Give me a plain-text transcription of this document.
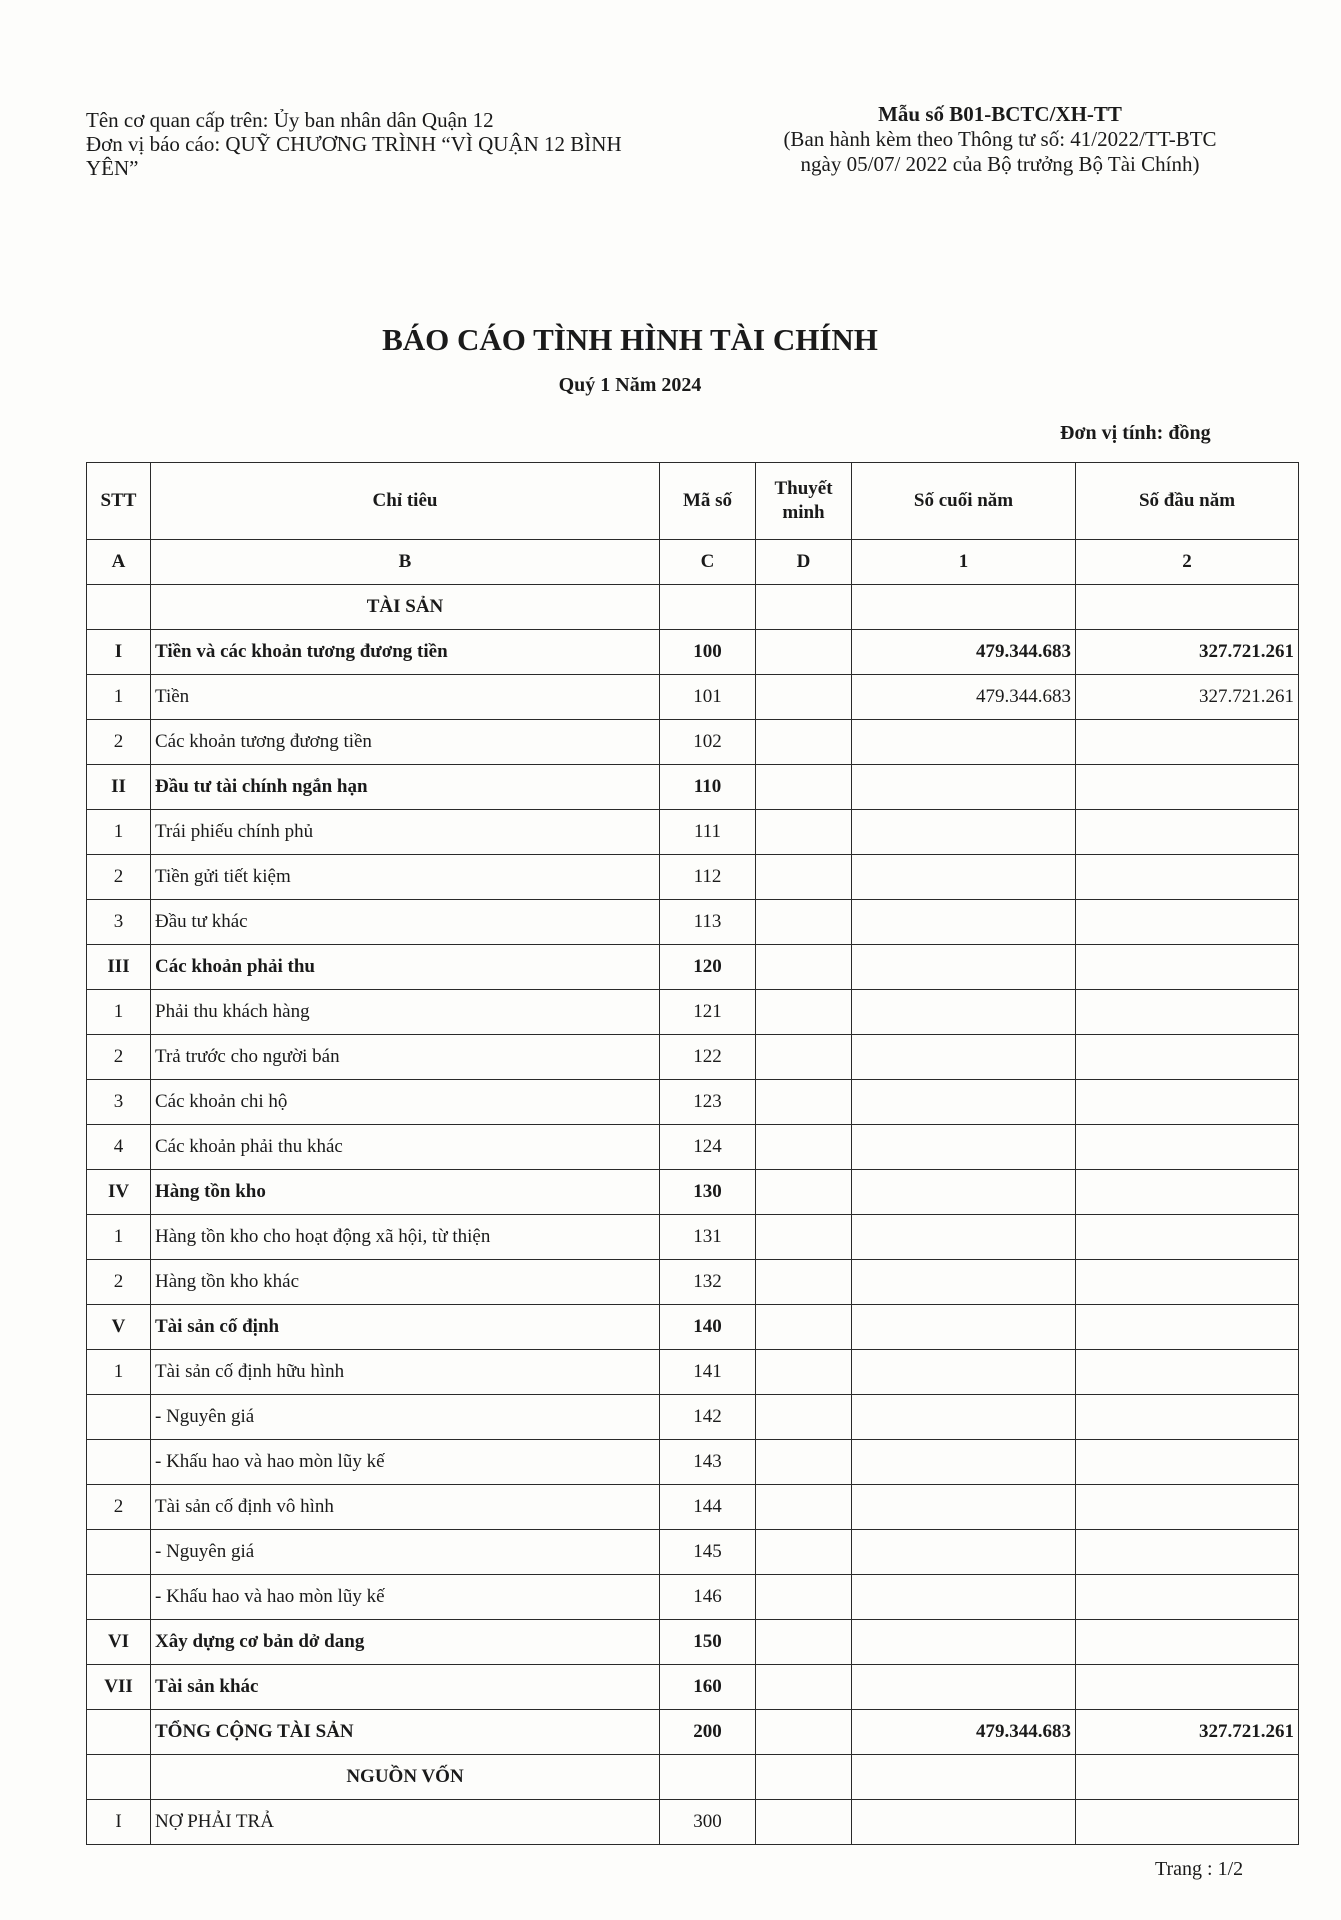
Tên cơ quan cấp trên: Ủy ban nhân dân Quận 12
Đơn vị báo cáo: QUỸ CHƯƠNG TRÌNH “VÌ QUẬN 12 BÌNH
YÊN”
Mẫu số B01-BCTC/XH-TT
(Ban hành kèm theo Thông tư số: 41/2022/TT-BTC
ngày 05/07/ 2022 của Bộ trưởng Bộ Tài Chính)
BÁO CÁO TÌNH HÌNH TÀI CHÍNH
Quý 1 Năm 2024
Đơn vị tính: đồng
STT	Chỉ tiêu	Mã số	Thuyết minh	Số cuối năm	Số đầu năm
A	B	C	D	1	2
	TÀI SẢN				
I	Tiền và các khoản tương đương tiền	100		479.344.683	327.721.261
1	Tiền	101		479.344.683	327.721.261
2	Các khoản tương đương tiền	102			
II	Đầu tư tài chính ngắn hạn	110			
1	Trái phiếu chính phủ	111			
2	Tiền gửi tiết kiệm	112			
3	Đầu tư khác	113			
III	Các khoản phải thu	120			
1	Phải thu khách hàng	121			
2	Trả trước cho người bán	122			
3	Các khoản chi hộ	123			
4	Các khoản phải thu khác	124			
IV	Hàng tồn kho	130			
1	Hàng tồn kho cho hoạt động xã hội, từ thiện	131			
2	Hàng tồn kho khác	132			
V	Tài sản cố định	140			
1	Tài sản cố định hữu hình	141			
	- Nguyên giá	142			
	- Khấu hao và hao mòn lũy kế	143			
2	Tài sản cố định vô hình	144			
	- Nguyên giá	145			
	- Khấu hao và hao mòn lũy kế	146			
VI	Xây dựng cơ bản dở dang	150			
VII	Tài sản khác	160			
	TỔNG CỘNG TÀI SẢN	200		479.344.683	327.721.261
	NGUỒN VỐN				
I	NỢ PHẢI TRẢ	300			
Trang : 1/2
